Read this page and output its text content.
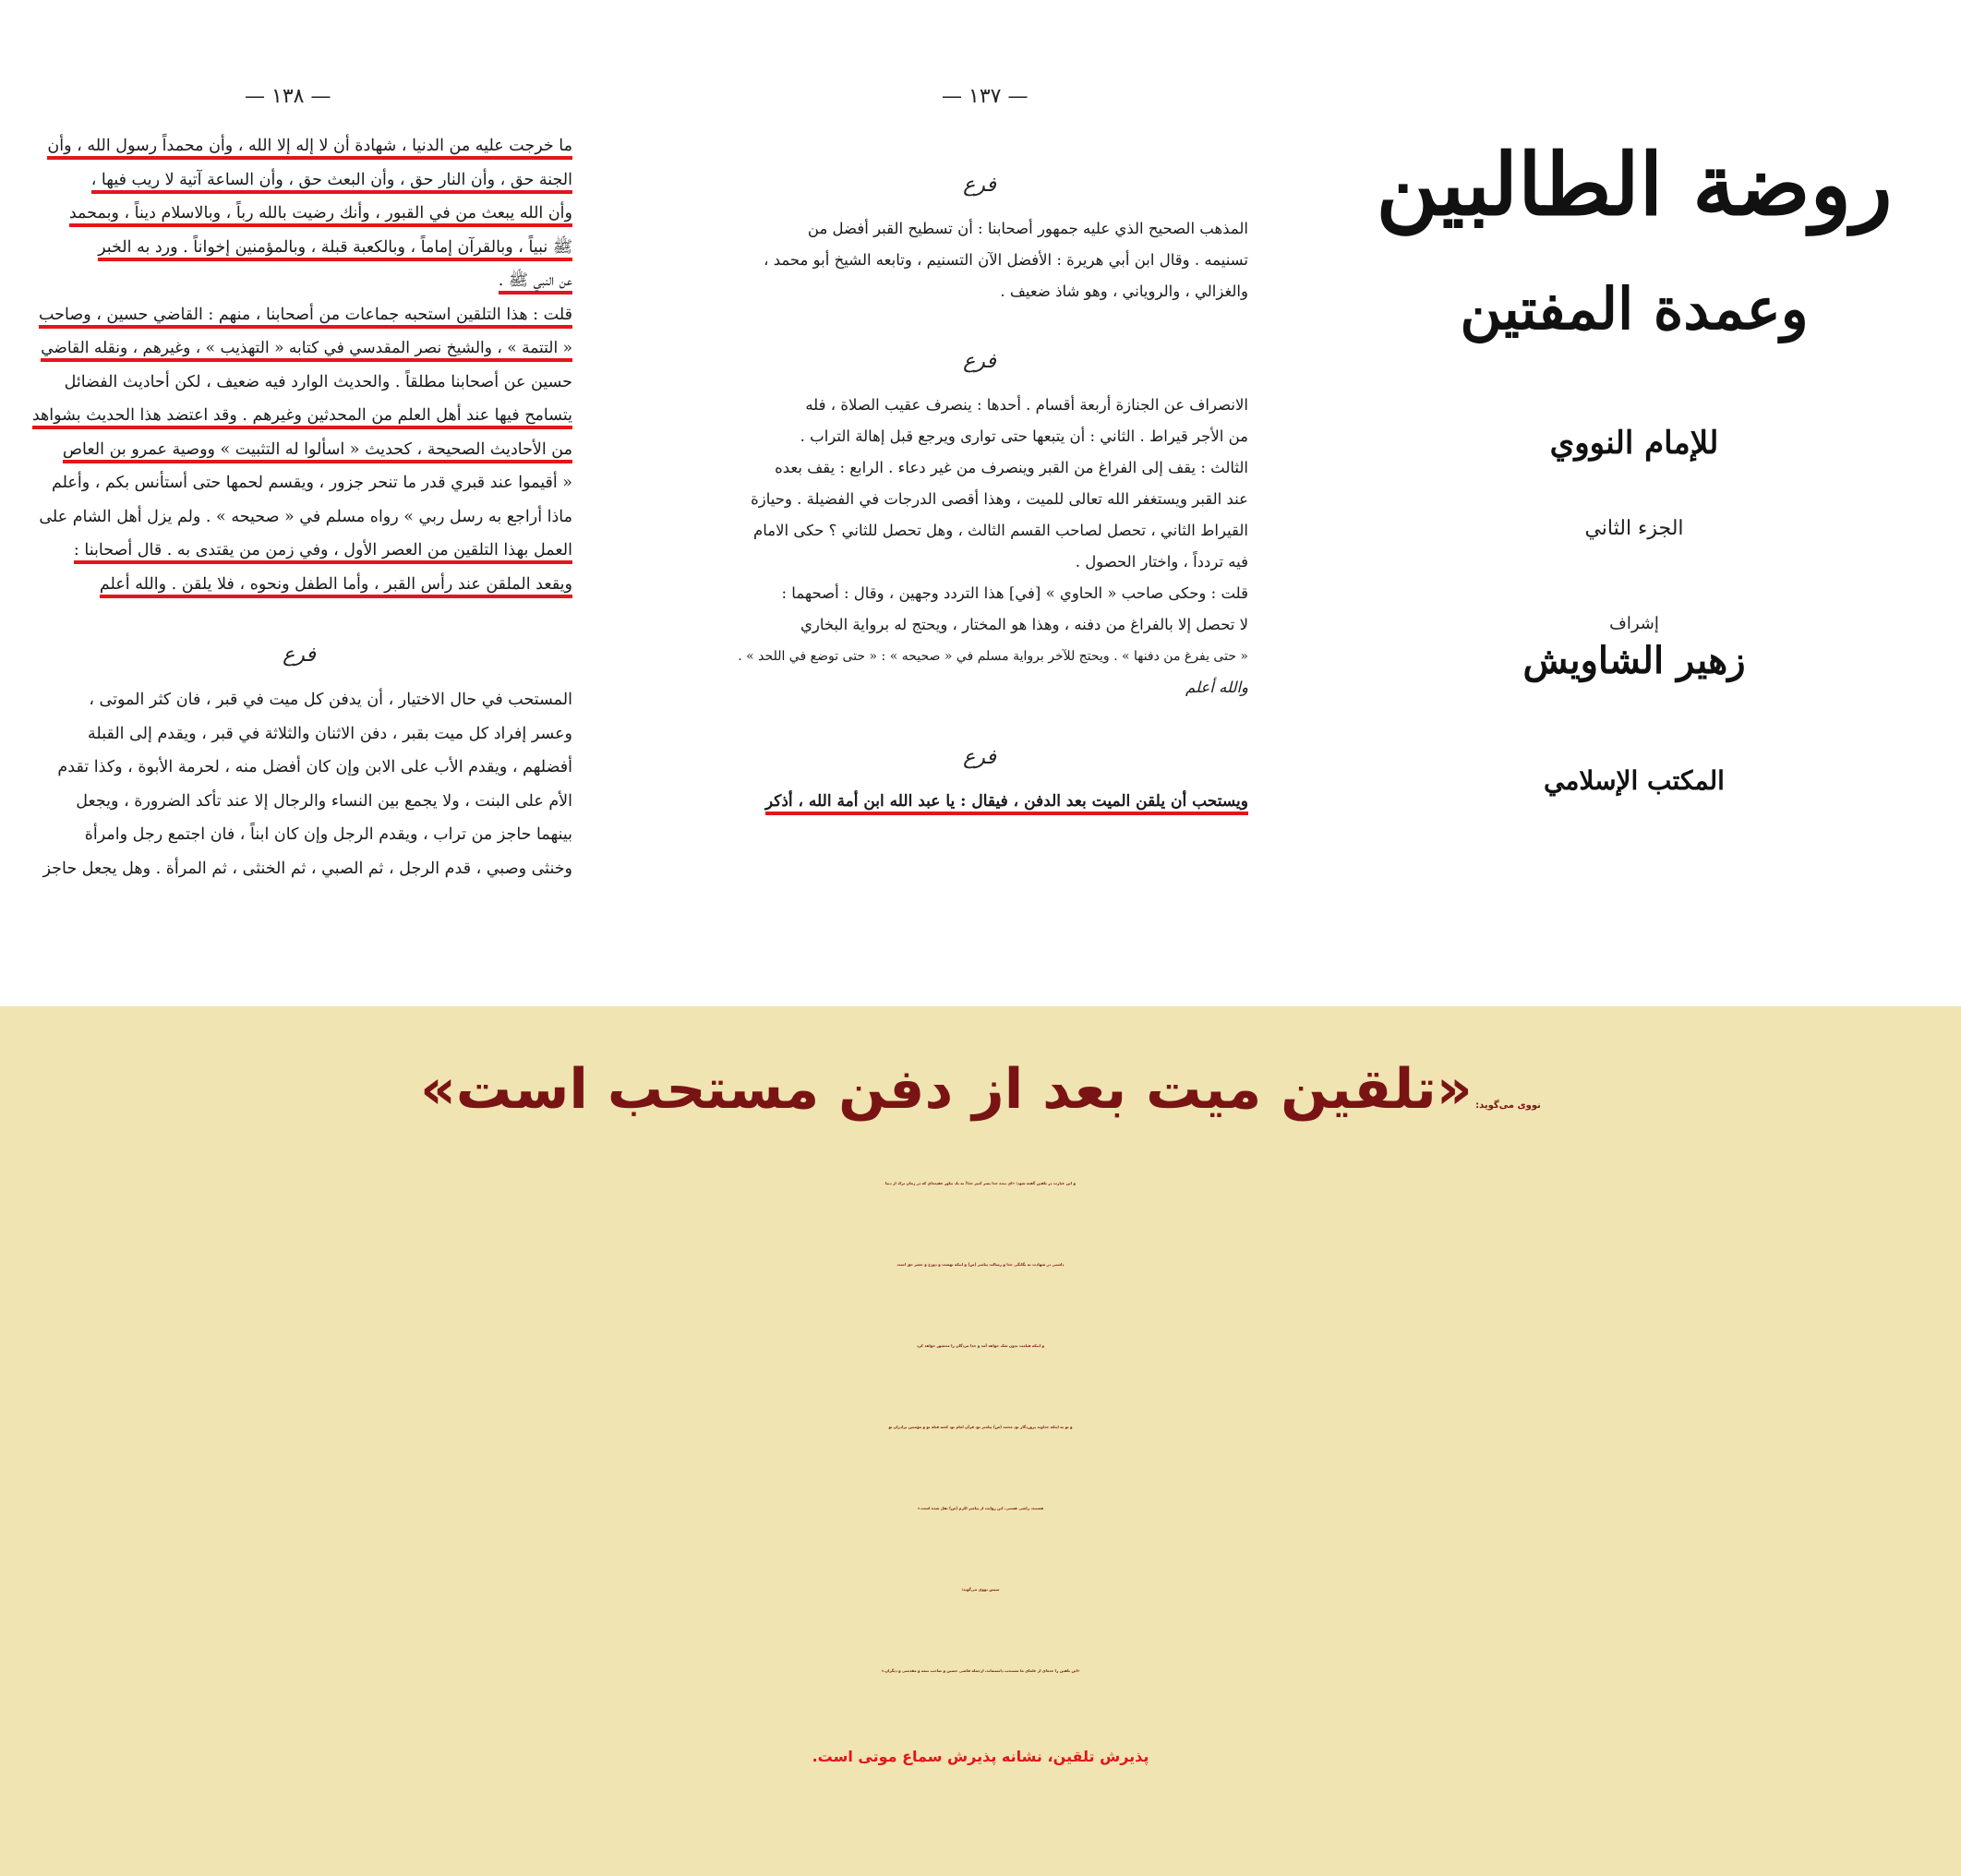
— ١٣٨ —
ما خرجت عليه من الدنيا ، شهادة أن لا إله إلا الله ، وأن محمداً رسول الله ، وأن
الجنة حق ، وأن النار حق ، وأن البعث حق ، وأن الساعة آتية لا ريب فيها ،
وأن الله يبعث من في القبور ، وأنك رضيت بالله رباً ، وبالاسلام ديناً ، وبمحمد
ﷺ نبياً ، وبالقرآن إماماً ، وبالكعبة قبلة ، وبالمؤمنين إخواناً . ورد به الخبر
عن النبي ﷺ .
قلت : هذا التلقين استحبه جماعات من أصحابنا ، منهم : القاضي حسين ، وصاحب
« التتمة » ، والشيخ نصر المقدسي في كتابه « التهذيب » ، وغيرهم ، ونقله القاضي
حسين عن أصحابنا مطلقاً . والحديث الوارد فيه ضعيف ، لكن أحاديث الفضائل
يتسامح فيها عند أهل العلم من المحدثين وغيرهم . وقد اعتضد هذا الحديث بشواهد
من الأحاديث الصحيحة ، كحديث « اسألوا له التثبيت » ووصية عمرو بن العاص
« أقيموا عند قبري قدر ما تنحر جزور ، ويقسم لحمها حتى أستأنس بكم ، وأعلم
ماذا أراجع به رسل ربي » رواه مسلم في « صحيحه » . ولم يزل أهل الشام على
العمل بهذا التلقين من العصر الأول ، وفي زمن من يقتدى به . قال أصحابنا :
ويقعد الملقن عند رأس القبر ، وأما الطفل ونحوه ، فلا يلقن . والله أعلم
فرع
المستحب في حال الاختيار ، أن يدفن كل ميت في قبر ، فان كثر الموتى ،
وعسر إفراد كل ميت بقبر ، دفن الاثنان والثلاثة في قبر ، ويقدم إلى القبلة
أفضلهم ، ويقدم الأب على الابن وإن كان أفضل منه ، لحرمة الأبوة ، وكذا تقدم
الأم على البنت ، ولا يجمع بين النساء والرجال إلا عند تأكد الضرورة ، ويجعل
بينهما حاجز من تراب ، ويقدم الرجل وإن كان ابناً ، فان اجتمع رجل وامرأة
وخنثى وصبي ، قدم الرجل ، ثم الصبي ، ثم الخنثى ، ثم المرأة . وهل يجعل حاجز
— ١٣٧ —
فرع
المذهب الصحيح الذي عليه جمهور أصحابنا : أن تسطيح القبر أفضل من
تسنيمه . وقال ابن أبي هريرة : الأفضل الآن التسنيم ، وتابعه الشيخ أبو محمد ،
والغزالي ، والروياني ، وهو شاذ ضعيف .
فرع
الانصراف عن الجنازة أربعة أقسام . أحدها : ينصرف عقيب الصلاة ، فله
من الأجر قيراط . الثاني : أن يتبعها حتى توارى ويرجع قبل إهالة التراب .
الثالث : يقف إلى الفراغ من القبر وينصرف من غير دعاء . الرابع : يقف بعده
عند القبر ويستغفر الله تعالى للميت ، وهذا أقصى الدرجات في الفضيلة . وحيازة
القيراط الثاني ، تحصل لصاحب القسم الثالث ، وهل تحصل للثاني ؟ حكى الامام
فيه تردداً ، واختار الحصول .
قلت : وحكى صاحب « الحاوي » [في] هذا التردد وجهين ، وقال : أصحهما :
لا تحصل إلا بالفراغ من دفنه ، وهذا هو المختار ، ويحتج له برواية البخاري
« حتى يفرغ من دفنها » . ويحتج للآخر برواية مسلم في « صحيحه » : « حتى توضع في اللحد » .
والله أعلم
فرع
ويستحب أن يلقن الميت بعد الدفن ، فيقال : يا عبد الله ابن أمة الله ، أذكر
روضة الطالبين
وعمدة المفتين
للإمام النووي
الجزء الثاني
إشراف
زهير الشاويش
المكتب الإسلامي
نووی می‌گوید: «تلقین میت بعد از دفن مستحب است»
و این عبارت در تلقین گفته شود: «ای بنده خدا پسر کنیز خدا! به یاد بیاور عقیده‌ای که در زمان ترک از دنیا
داشتی در شهادت به یگانگی خدا و رسالت پیامبر (ص) و اینکه بهشت و دوزخ و حشر حق است
و اینکه قیامت بدون شک خواهد آمد و خدا مردگان را محشور خواهد کرد
و تو به اینکه خداوند پروردگار تو، محمد (ص) پیامبر تو، قرآن امام تو، کعبه قبله تو و مؤمنین برادران تو
هستند، راضی هستی. این روایت از پیامبر اکرم (ص) نقل شده است.»
سپس نووی می‌گوید:
«این تلقین را عده‌ای از علمای ما مستحب دانسته‌اند، ازجمله قاضی حسین و صاحب تتمه و مقدسی و دیگران.»
پذیرش تلقین، نشانه پذیرش سماع موتی است.
